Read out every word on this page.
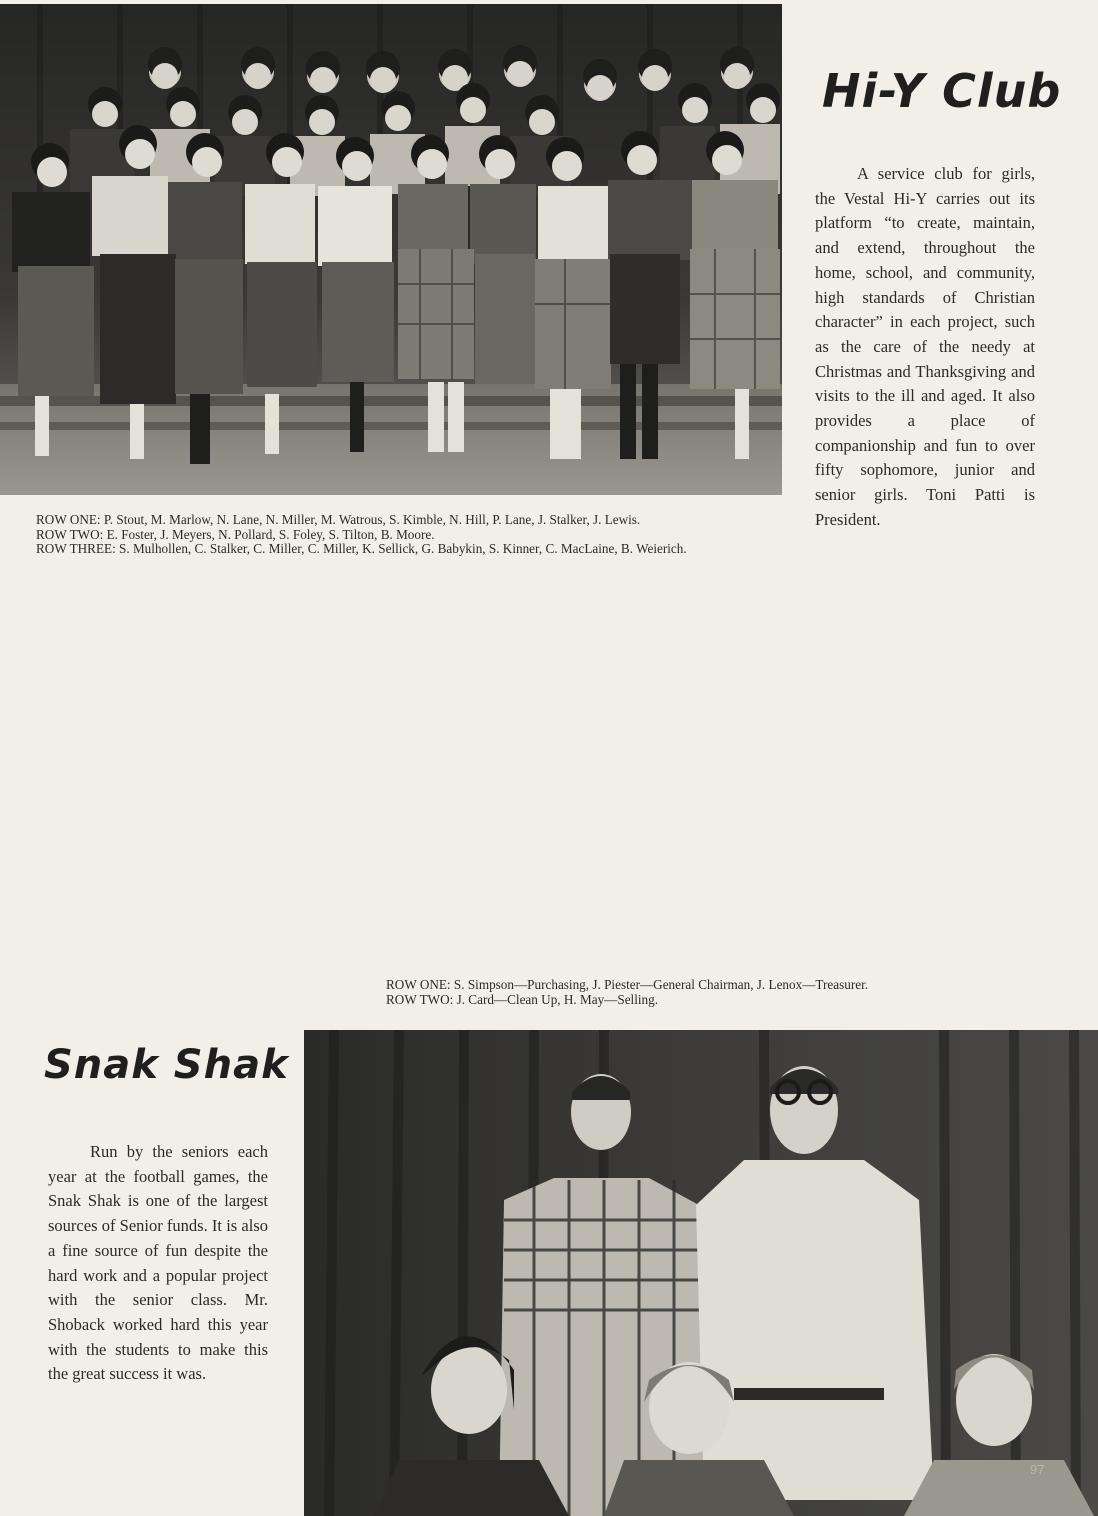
Hi-Y Club
A service club for girls, the Vestal Hi-Y carries out its platform “to create, maintain, and extend, throughout the home, school, and community, high standards of Christian character” in each project, such as the care of the needy at Christmas and Thanksgiving and visits to the ill and aged. It also provides a place of companionship and fun to over fifty sophomore, junior and senior girls. Toni Patti is President.

ROW ONE: P. Stout, M. Marlow, N. Lane, N. Miller, M. Watrous, S. Kimble, N. Hill, P. Lane, J. Stalker, J. Lewis.

ROW TWO: E. Foster, J. Meyers, N. Pollard, S. Foley, S. Tilton, B. Moore.

ROW THREE: S. Mulhollen, C. Stalker, C. Miller, C. Miller, K. Sellick, G. Babykin, S. Kinner, C. MacLaine, B. Weierich.

ROW ONE: S. Simpson—Purchasing, J. Piester—General Chairman, J. Lenox—Treasurer.

ROW TWO: J. Card—Clean Up, H. May—Selling.

Snak Shak
Run by the seniors each year at the football games, the Snak Shak is one of the largest sources of Senior funds. It is also a fine source of fun despite the hard work and a popular project with the senior class. Mr. Shoback worked hard this year with the students to make this the great success it was.
97
